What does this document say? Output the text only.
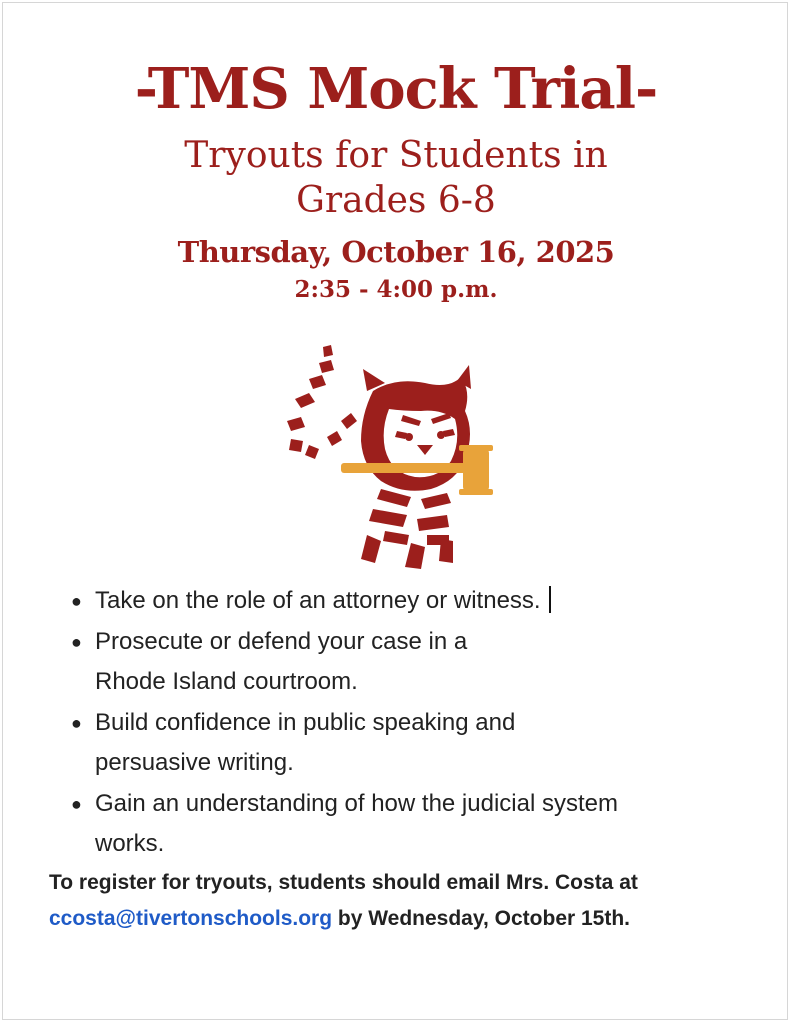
-TMS Mock Trial-
Tryouts for Students in
Grades 6-8
Thursday, October 16, 2025
2:35 - 4:00 p.m.
● Take on the role of an attorney or witness.
● Prosecute or defend your case in a
Rhode Island courtroom.
● Build confidence in public speaking and
persuasive writing.
● Gain an understanding of how the judicial system
works.
To register for tryouts, students should email Mrs. Costa at ccosta@tivertonschools.org by Wednesday, October 15th.
